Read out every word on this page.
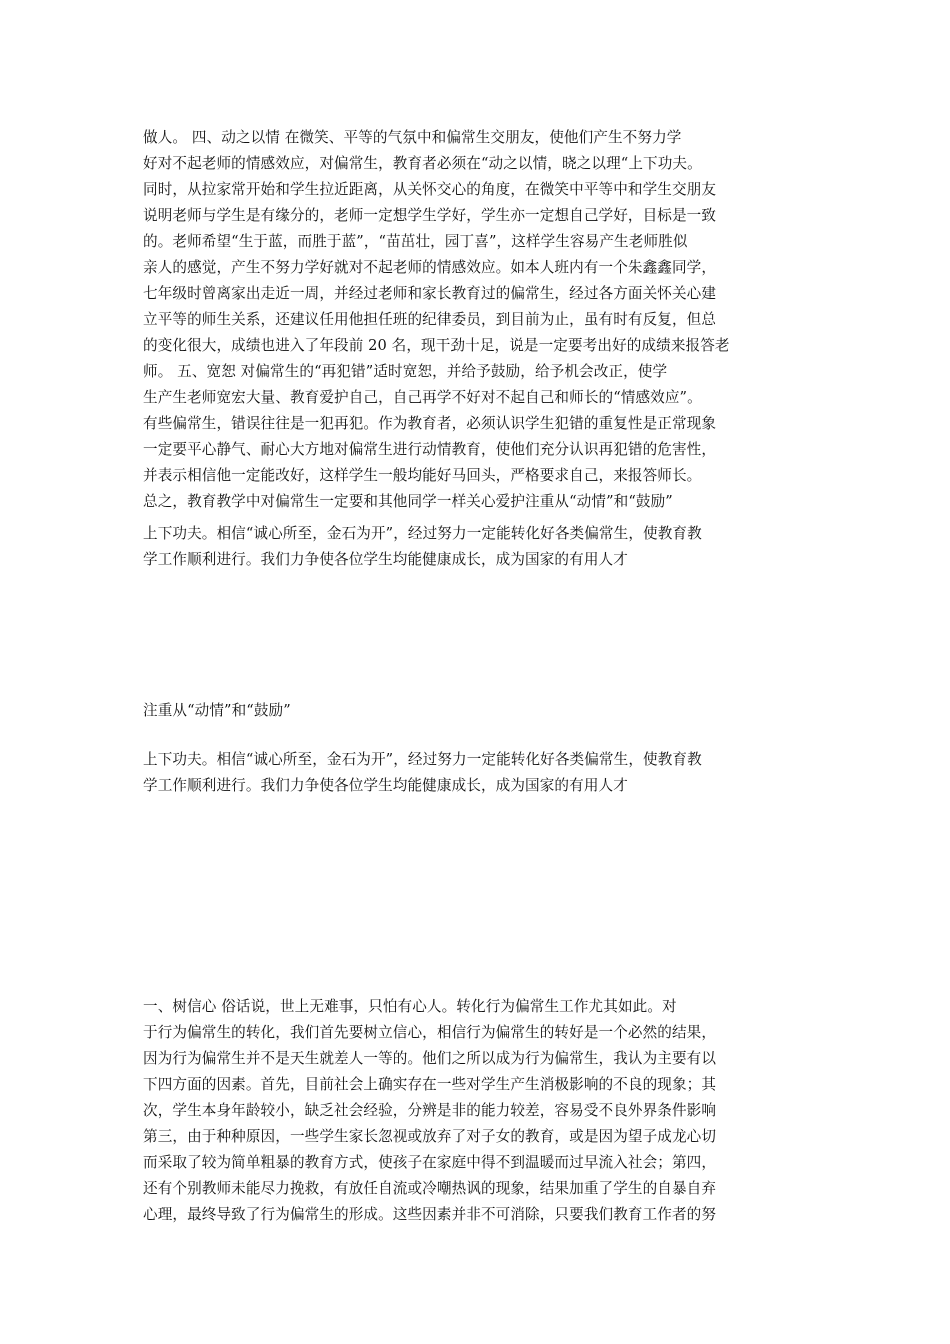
做人。 四、动之以情 在微笑、平等的气氛中和偏常生交朋友，使他们产生不努力学
好对不起老师的情感效应，对偏常生，教育者必须在“动之以情，晓之以理“上下功夫。
同时，从拉家常开始和学生拉近距离，从关怀交心的角度，在微笑中平等中和学生交朋友
说明老师与学生是有缘分的，老师一定想学生学好，学生亦一定想自己学好，目标是一致
的。老师希望“生于蓝，而胜于蓝”，“苗茁壮，园丁喜”，这样学生容易产生老师胜似
亲人的感觉，产生不努力学好就对不起老师的情感效应。如本人班内有一个朱鑫鑫同学，
七年级时曾离家出走近一周，并经过老师和家长教育过的偏常生，经过各方面关怀关心建
立平等的师生关系，还建议任用他担任班的纪律委员，到目前为止，虽有时有反复，但总
的变化很大，成绩也进入了年段前 20 名，现干劲十足，说是一定要考出好的成绩来报答老
师。 五、宽恕 对偏常生的“再犯错”适时宽恕，并给予鼓励，给予机会改正，使学
生产生老师宽宏大量、教育爱护自己，自己再学不好对不起自己和师长的“情感效应”。
有些偏常生，错误往往是一犯再犯。作为教育者，必须认识学生犯错的重复性是正常现象
一定要平心静气、耐心大方地对偏常生进行动情教育，使他们充分认识再犯错的危害性，
并表示相信他一定能改好，这样学生一般均能好马回头，严格要求自己，来报答师长。
总之，教育教学中对偏常生一定要和其他同学一样关心爱护注重从“动情”和“鼓励”
上下功夫。相信“诚心所至，金石为开”，经过努力一定能转化好各类偏常生，使教育教
学工作顺利进行。我们力争使各位学生均能健康成长，成为国家的有用人才
注重从“动情”和“鼓励”
上下功夫。相信“诚心所至，金石为开”，经过努力一定能转化好各类偏常生，使教育教
学工作顺利进行。我们力争使各位学生均能健康成长，成为国家的有用人才
一、树信心 俗话说，世上无难事，只怕有心人。转化行为偏常生工作尤其如此。对
于行为偏常生的转化，我们首先要树立信心，相信行为偏常生的转好是一个必然的结果，
因为行为偏常生并不是天生就差人一等的。他们之所以成为行为偏常生，我认为主要有以
下四方面的因素。首先，目前社会上确实存在一些对学生产生消极影响的不良的现象；其
次，学生本身年龄较小，缺乏社会经验，分辨是非的能力较差，容易受不良外界条件影响
第三，由于种种原因，一些学生家长忽视或放弃了对子女的教育，或是因为望子成龙心切
而采取了较为简单粗暴的教育方式，使孩子在家庭中得不到温暖而过早流入社会；第四，
还有个别教师未能尽力挽救，有放任自流或冷嘲热讽的现象，结果加重了学生的自暴自弃
心理，最终导致了行为偏常生的形成。这些因素并非不可消除，只要我们教育工作者的努
